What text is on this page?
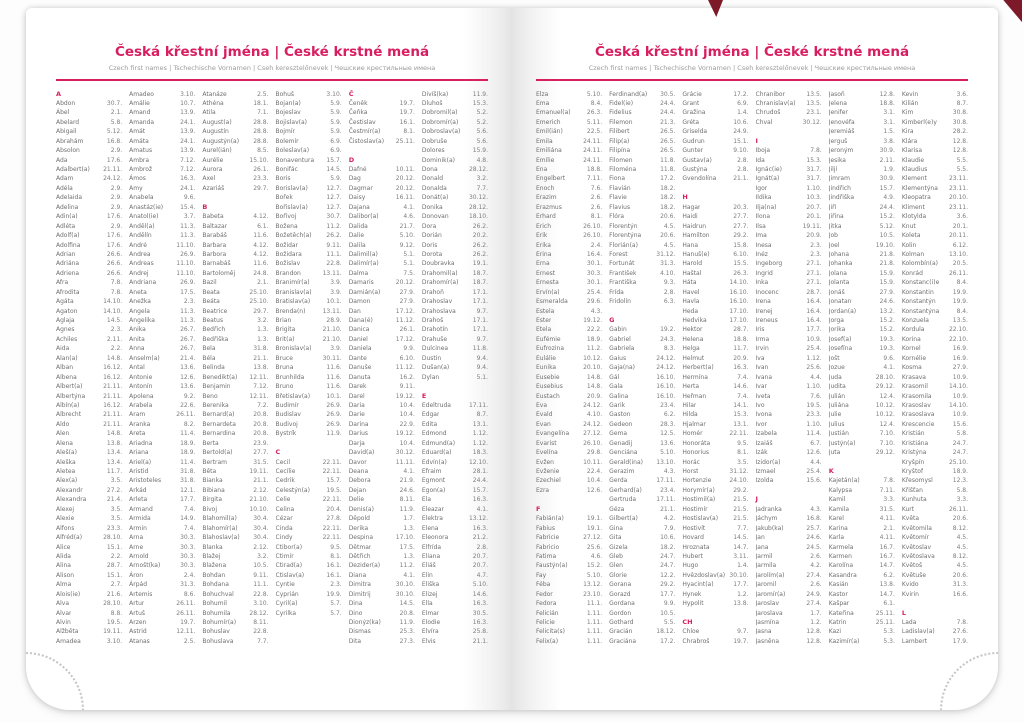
Česká křestní jména | České krstné mená

Czech first names | Tschechische Vornamen | Cseh keresztelőnevek | Чешские крестильные имена

A
Abdon	30.7.
Ábel	2.1.
Abelard	5.8.
Abigail	5.12.
Abrahám	16.8.
Absolon	2.9.
Ada	17.6.
Adalbert(a) 21.11.
Adam	24.12.
Adéla	2.9.
Adelaida	2.9.
Adelina	2.9.
Adin(a)	17.6.
Adléta	2.9.
Adolf(a)	17.6.
Adolfina	17.6.
Adrian	26.6.
Adriána	26.6.
Adriena	26.6.
Afra	7.8.
Afrodita	7.8.
Agáta	14.10.
Agaton	14.10.
Aglaja	14.5.
Agnes	2.3.
Achiles	2.11.
Aida	2.2.
Alan(a)	14.8.
Alban	16.12.
Albena	16.12.
Albert(a)	21.11.
Albertýna	21.11.
Albín(a)	16.12.
Albrecht	21.11.
Aldo	21.11.
Alen	14.8.
Alena	13.8.
Aleš(a)	13.4.
Aleška	13.4.
Aletea	11.7.
Alex(a)	3.5.
Alexandr	27.2.
Alexandra	21.4.
Alexej	3.5.
Alexie	3.5.
Alfons	23.3.
Alfréd(a)	28.10.
Alice	15.1.
Alida	2.2.
Alina	28.7.
Alison	15.1.
Alma	2.7.
Alois(ie)	21.6.
Alva	28.10.
Alvar	8.8.
Alvin	19.5.
Alžběta	19.11.
Amadea	3.10.
Amadeo	3.10.
Amálie	10.7.
Amand	13.9.
Amanda	24.1.
Amát	13.9.
Amáta	24.1.
Amatus	13.9.
Ambra	7.12.
Ambrož	7.12.
Ámos	16.3.
Amy	24.1.
Anabela	9.6.
Anastáz(ie)	15.4.
Anatol(ie)	3.7.
Anděl(a)	11.3.
Andělín	11.3.
André	11.10.
Andrea	26.9.
Andreas	11.10.
Andrej	11.10.
Andriana	26.9.
Aneta	17.5.
Anežka	2.3.
Angela	11.3.
Angelika	11.3.
Anika	26.7.
Anita	26.7.
Anna	26.7.
Anselm(a)	21.4.
Antal	13.6.
Antonie	12.6.
Antonín	13.6.
Apolena	9.2.
Arabela	22.6.
Aram	26.11.
Aranka	8.2.
Areta	11.4.
Ariadna	18.9.
Ariana	18.9.
Ariel(a)	11.4.
Aristid	31.8.
Aristoteles	31.8.
Arkád	12.1.
Arleta	17.7.
Armand	7.4.
Armida	14.9.
Armin	7.4.
Arna	30.3.
Arne	30.3.
Arnold	30.3.
Arnošt(ka)	30.3.
Áron	2.4.
Árpád	31.3.
Artemis	8.6.
Artur	26.11.
Artuš	26.11.
Arzen	19.7.
Astrid	12.11.
Atanas	2.5.
Atanáze	2.5.
Athéna	18.1.
Atila	7.1.
August(a)	28.8.
Augustín	28.8.
Augustýn(a) 28.8.
Aurel(ián)	8.5.
Aurélie	15.10.
Aurora	26.1.
Axel	23.3.
Azariáš	29.7.
B
Babeta	4.12.
Baltazar	6.1.
Barabáš	11.6.
Barbara	4.12.
Barbora	4.12.
Barnabáš	11.6.
Bartoloměj	24.8.
Bazil	2.1.
Beata	25.10.
Beáta	25.10.
Beatrice	29.7.
Beatus	3.2.
Bedřich	1.3.
Bedřiška	1.3.
Bela	31.8.
Béla	21.1.
Belinda	13.8.
Benedikt(a) 12.11.
Benjamin	7.12.
Beno	12.11.
Berenika	7.2.
Bernard(a)	20.8.
Bernardeta	20.8.
Bernardina	20.8.
Berta	23.9.
Bertold(a)	27.7.
Bertram	31.5.
Běta	19.11.
Bianka	21.1.
Bibiana	2.12.
Birgita	21.10.
Bivoj	10.10.
Blahomil(a)	30.4.
Blahomír(a)	30.4.
Blahoslav(a) 30.4.
Blanka	2.12.
Blažej	3.2.
Blažena	10.5.
Bohdan	9.11.
Bohdana	11.1.
Bohuchval	22.8.
Bohumil	3.10.
Bohumila	28.12.
Bohumír(a)	8.11.
Bohuslav	22.8.
Bohuslava	7.7.
Bohuš	3.10.
Bojan(a)	5.9.
Bojeslav	5.9.
Bojislav(a)	5.9.
Bojmír	5.9.
Bolemír	6.9.
Boleslav(a)	6.9.
Bonaventura 15.7.
Bonifác	14.5.
Boris	5.9.
Borislav(a)	12.7.
Bořek	12.7.
Bořislav(a)	12.7.
Bořivoj	30.7.
Božena	11.2.
Božetěch(a) 26.2.
Božidar	9.11.
Božidara	11.1.
Božislav	22.8.
Brandon	13.11.
Branimír(a)	3.9.
Branislav(a)	3.9.
Bratislav(a)	10.1.
Brenda(n)	13.11.
Brian	28.9.
Brigita	21.10.
Brit(a)	21.10.
Bronislav(a)	3.9.
Bruce	30.11.
Bruna	11.6.
Brunhilda	11.6.
Bruno	11.6.
Břetislav(a)	10.1.
Budimír	26.9.
Budislav	26.9.
Budivoj	26.9.
Bystrík	11.9.
C
Cecil	22.11.
Cecílie	22.11.
Cedrik	15.7.
Celestýn(a)	19.5.
Celie	22.11.
Celina	20.4.
Cézar	27.8.
Cinda	22.11.
Cindy	22.11.
Ctibor(a)	9.5.
Ctimír	8.1.
Ctirad(a)	16.1.
Ctislav(a)	16.1.
Cyntie	2.3.
Cyprián	19.9.
Cyril(a)	5.7.
Cyrilka	5.7.
Č
Čeněk	19.7.
Čeňka	19.7.
Čestislav	16.1.
Čestmír(a)	8.1.
Čistoslav(a) 25.11.
D
Dafné	10.11.
Dag	20.12.
Dagmar	20.12.
Daisy	16.11.
Dajana	4.1.
Dalibor(a)	4.6.
Dalida	21.7.
Dalie	5.10.
Dalila	9.12.
Dalimil(a)	5.1.
Dalimír(a)	5.1.
Dalma	7.5.
Damaris	20.12.
Damián(a)	27.9.
Damon	27.9.
Dan	17.12.
Dana(é)	11.12.
Danica	26.1.
Daniel	17.12.
Daniela	9.9.
Dante	6.10.
Danuše	11.12.
Danuta	16.2.
Darek	9.11.
Darel	19.12.
Daria	10.4.
Darie	10.4.
Darina	22.9.
Darius	19.12.
Darja	10.4.
David(a)	30.12.
Davor	11.11.
Deana	4.1.
Debora	21.9.
Dejan	24.6.
Delie	8.11.
Denis(a)	11.9.
Děpold	1.7.
Derika	1.3.
Despina	17.10.
Dětmar	17.5.
Dětřich	1.3.
Dezider(a)	11.2.
Diana	4.1.
Dimitra	30.10.
Dimitrij	30.10.
Dina	14.5.
Dino	20.8.
Dionýz(ka)	11.9.
Dismas	25.3.
Dita	27.3.
Divíš(ka)	11.9.
Dluhoš	15.3.
Dobromil(a)	5.2.
Dobromír(a)	5.2.
Dobroslav(a)	5.6.
Dobruše	5.6.
Dolores	15.9.
Dominik(a)	4.8.
Dona	28.12.
Donald	3.2.
Donalda	7.7.
Donát(a)	30.12.
Donika	28.12.
Donovan	18.10.
Dora	26.2.
Dorián	20.2.
Doris	26.2.
Dorota	26.2.
Doubravka	19.1.
Drahomil(a)	18.7.
Drahomír(a) 18.7.
Drahoň	17.1.
Drahoslav	17.1.
Drahoslava	9.7.
Drahoš	17.1.
Drahotín	17.1.
Drahuše	9.7.
Dulcinea	11.8.
Dustin	9.4.
Dušan(a)	9.4.
Dylan	5.1.
E
Edeltruda	17.11.
Edgar	8.7.
Edita	13.1.
Edmond	1.12.
Edmund(a)	1.12.
Eduard(a)	18.3.
Edvín(a)	12.10.
Efraim	28.1.
Egmont	24.4.
Egon(a)	15.7.
Ela	16.3.
Eleazar	4.1.
Elektra	13.12.
Elena	16.3.
Eleonora	21.2.
Elfrída	2.8.
Eliana	20.7.
Eliáš	20.7.
Elin	4.7.
Eliška	5.10.
Elizej	14.6.
Ella	16.3.
Elmar	30.5.
Elodie	16.3.
Elvíra	25.8.
Elvis	21.1.
Česká křestní jména | České krstné mená

Czech first names | Tschechische Vornamen | Cseh keresztelőnevek | Чешские крестильные имена

Elza	5.10.
Ema	8.4.
Emanuel(a)	26.3.
Emerich	5.11.
Emil(ián)	22.5.
Emila	24.11.
Emiliána	24.11.
Emílie	24.11.
Ena	18.8.
Engelbert	7.11.
Enoch	7.6.
Erazim	2.6.
Erazmus	2.6.
Erhard	8.1.
Erich	26.10.
Erik	26.10.
Erika	2.4.
Erina	16.4.
Erna	30.1.
Ernest	30.3.
Ernesta	30.1.
Ervín(a)	25.4.
Esmeralda	29.6.
Estela	4.3.
Ester	19.12.
Etela	22.2.
Eufémie	18.9.
Eufrozina	11.2.
Eulálie	10.12.
Eunika	20.10.
Eusebie	14.8.
Eusebius	14.8.
Eustach	20.9.
Eva	24.12.
Evald	4.10.
Evan	24.12.
Evangelína 27.12.
Evarist	26.10.
Evelína	29.8.
Evžen	10.11.
Evženie	22.4.
Ezechiel	10.4.
Ezra	12.6.
F
Fabián(a)	19.1.
Fabius	19.1.
Fabricie	27.12.
Fabricio	25.6.
Fatima	4.6.
Faustýn(a)	15.2.
Fay	5.10.
Féba	13.12.
Fedor	23.10.
Fedora	11.1.
Felicián	1.11.
Felicie	1.11.
Felicita(s)	1.11.
Felix(a)	1.11.
Ferdinand(a) 30.5.
Fidel(ie)	24.4.
Fidelius	24.4.
Filemon	21.3.
Filibert	26.5.
Filip(a)	26.5.
Filipína	26.5.
Filomen	11.8.
Filoména	11.8.
Fiona	17.2.
Flavián	18.2.
Flavie	18.2.
Flavius	18.2.
Flóra	20.6.
Florentýn	4.5.
Florentýna	20.6.
Florián(a)	4.5.
Forest	31.12.
Fortunát	31.3.
František	4.10.
Františka	9.3.
Frída	2.8.
Fridolín	6.3.
G
Gabin	19.2.
Gabriel	24.3.
Gabriela	8.3.
Gaius	24.12.
Gaja(na)	24.12.
Gál	16.10.
Gala	16.10.
Galina	16.10.
Garik	23.4.
Gaston	6.2.
Gedeon	28.3.
Gema	12.5.
Genadij	13.6.
Genciána	5.10.
Gerald(ina) 13.10.
Gerazim	4.3.
Gerda	17.11.
Gerhard(a)	23.4.
Gertruda	17.11.
Géza	21.1.
Gilbert(a)	4.2.
Gina	7.9.
Gita	10.6.
Gizela	18.2.
Gleb	24.7.
Glen	24.7.
Glorie	12.2.
Gorana	29.2.
Gorazd	17.7.
Gordana	9.9.
Gordon	10.5.
Gothard	5.5.
Gracián	18.12.
Graciána	17.2.
Grácie	17.2.
Grant	6.9.
Gražina	1.4.
Gréta	10.6.
Griselda	24.9.
Gudrun	15.1.
Gunter	9.10.
Gustav(a)	2.8.
Gustýna	2.8.
Gvendolína	21.1.
H
Hagar	20.3.
Haidi	27.7.
Haidrun	27.7.
Hamilton	29.2.
Hana	15.8.
Hanuš(e)	6.10.
Harold	15.5.
Haštal	26.3.
Háta	14.10.
Havel	16.10.
Havla	16.10.
Heda	17.10.
Hedvika	17.10.
Hektor	28.7.
Helena	18.8.
Helga	11.7.
Helmut	20.9.
Herbert(a)	16.3.
Hermína	7.4.
Herta	14.6.
Heřman	7.4.
Hilar	14.1.
Hilda	15.3.
Hjalmar	13.1.
Homér	22.11.
Honoráta	9.5.
Honorius	8.1.
Horác	3.5.
Horst	31.12.
Hortenzie	24.10.
Horymír(a)	29.2.
Hostimil(a)	21.5.
Hostimír	21.5.
Hostislav(a)	21.5.
Hostivít	7.7.
Hovard	14.5.
Hroznata	14.7.
Hubert	3.11.
Hugo	1.4.
Hvězdoslav(a) 30.10.
Hyacint(a)	17.7.
Hynek	1.2.
Hypolit	13.8.
CH
Chloe	9.7.
Chrabroš	19.7.
Chranibor	13.5.
Chranislav(a) 13.5.
Chrudoš	23.1.
Chval	30.12.
I
Iboja	7.8.
Ida	15.3.
Ignác(ie)	31.7.
Ignát(a)	31.7.
Igor	1.10.
Ildika	10.3.
Ilja(na)	20.7.
Ilona	20.1.
Ilsa	19.11.
Ima	20.9.
Inesa	2.3.
Inéz	2.3.
Ingeborg	27.1.
Ingrid	27.1.
Inka	27.1.
Inocenc	28.7.
Irena	16.4.
Irenej	16.4.
Ireneus	16.4.
Iris	17.7.
Irma	10.9.
Irvin	25.4.
Iva	1.12.
Ivan	25.6.
Ivana	4.4.
Ivar	1.10.
Iveta	7.6.
Ivo	19.5.
Ivona	23.3.
Ivor	1.10.
Izabela	11.4.
Izaiáš	6.7.
Izák	12.6.
Izidor(a)	4.4.
Izmael	25.4.
Izolda	15.6.
J
Jadranka	4.3.
Jáchym	16.8.
Jakub(ka)	25.7.
Jan	24.6.
Jana	24.5.
Jarmil	2.6.
Jarmila	4.2.
Jarolím(a)	27.4.
Jaromil	2.6.
Jaromír(a)	24.9.
Jaroslav	27.4.
Jaroslava	1.7.
Jasmína	1.2.
Jasna	12.8.
Jasněna	12.8.
Jasoň	12.8.
Jelena	18.8.
Jenifer	3.1.
Jenovéfa	3.1.
Jeremiáš	1.5.
Jerguš	3.8.
Jeroným	30.9.
Jesika	2.11.
Jiljí	1.9.
Jimram	30.9.
Jindřich	15.7.
Jindřiška	4.9.
Jiří	24.4.
Jiřina	15.2.
Jitka	5.12.
Job	10.5.
Joel	19.10.
Johana	21.8.
Johanka	21.8.
Jolana	15.9.
Jolanta	15.9.
Jonáš	27.9.
Jonatan	24.6.
Jordan(a)	13.2.
Jorga	15.2.
Jorika	15.2.
Josef(a)	19.3.
Josefína	19.3.
Jošt	9.6.
Jozue	4.1.
Juda	28.10.
Judita	29.12.
Julián	12.4.
Juliána	10.12.
Julie	10.12.
Julius	12.4.
Justián	7.10.
Justýn(a)	7.10.
Juta	29.12.
K
Kajetán(a)	7.8.
Kalypsa	7.11.
Kamil	3.3.
Kamila	31.5.
Karel	4.11.
Karina	2.1.
Karla	4.11.
Karmela	16.7.
Karmen	16.7.
Karolína	14.7.
Kasandra	6.2.
Kasián	13.8.
Kastor	14.7.
Kašpar	6.1.
Kateřina	25.11.
Katrin	25.11.
Kazi	5.3.
Kazimír(a)	5.3.
Kevin	3.6.
Kilián	8.7.
Kim	30.8.
Kimberl(e)y	30.8.
Kira	28.2.
Klára	12.8.
Klarisa	12.8.
Klaudie	5.5.
Klaudius	5.5.
Klement	23.11.
Klementýna 23.11.
Kleopatra	20.10.
Kliment	23.11.
Klotylda	3.6.
Knut	20.1.
Koleta	20.11.
Kolin	6.12.
Kolman	13.10.
Kolombín(a) 20.5.
Konrád	26.11.
Konstanc(i)e	8.4.
Konstantin	19.9.
Konstantýn	19.9.
Konstantýna	8.4.
Konzuela	13.5.
Kordula	22.10.
Korina	22.10.
Kornel	16.9.
Kornélie	16.9.
Kosma	27.9.
Krasava	10.9.
Krasomil	14.10.
Krasomila	10.9.
Krasoslav	14.10.
Krasoslava	10.9.
Krescencie	15.6.
Kristián	5.8.
Kristiána	24.7.
Kristýna	24.7.
Kryšpín	25.10.
Kryštof	18.9.
Křesomysl	12.3.
Křišťan	5.8.
Kunhuta	3.3.
Kurt	26.11.
Květa	20.6.
Květomila	8.12.
Květomír	4.5.
Květoslav	4.5.
Květoslava	8.12.
Květoš	4.5.
Květuše	20.6.
Kvido	31.3.
Kvirin	16.6.
L
Lada	7.8.
Ladislav(a)	27.6.
Lambert	17.9.
